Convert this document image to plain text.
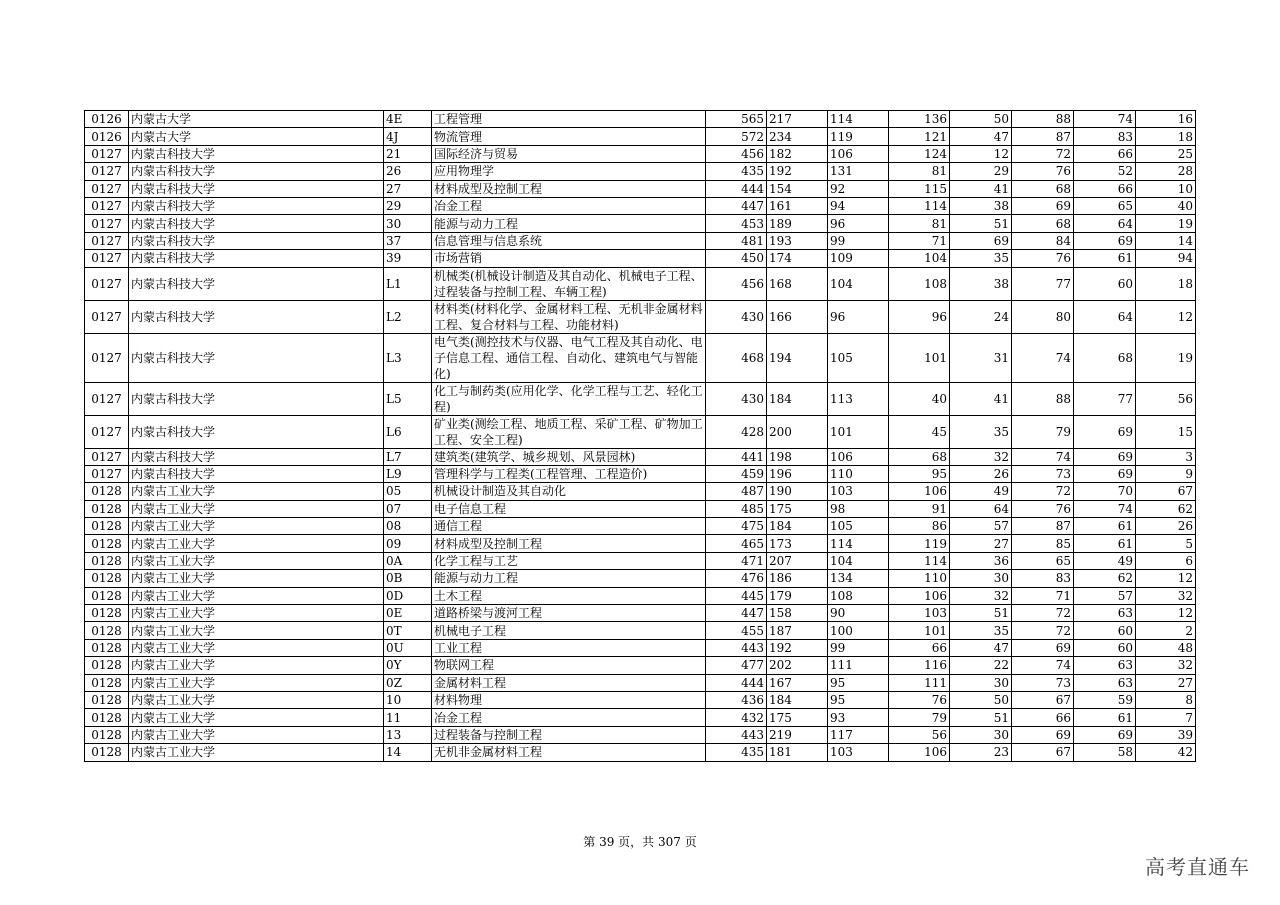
0126	内蒙古大学	4E	工程管理	565	217	114	136	50	88	74	16
0126	内蒙古大学	4J	物流管理	572	234	119	121	47	87	83	18
0127	内蒙古科技大学	21	国际经济与贸易	456	182	106	124	12	72	66	25
0127	内蒙古科技大学	26	应用物理学	435	192	131	81	29	76	52	28
0127	内蒙古科技大学	27	材料成型及控制工程	444	154	92	115	41	68	66	10
0127	内蒙古科技大学	29	冶金工程	447	161	94	114	38	69	65	40
0127	内蒙古科技大学	30	能源与动力工程	453	189	96	81	51	68	64	19
0127	内蒙古科技大学	37	信息管理与信息系统	481	193	99	71	69	84	69	14
0127	内蒙古科技大学	39	市场营销	450	174	109	104	35	76	61	94
0127	内蒙古科技大学	L1	机械类(机械设计制造及其自动化、机械电子工程、过程装备与控制工程、车辆工程)	456	168	104	108	38	77	60	18
0127	内蒙古科技大学	L2	材料类(材料化学、金属材料工程、无机非金属材料工程、复合材料与工程、功能材料)	430	166	96	96	24	80	64	12
0127	内蒙古科技大学	L3	电气类(测控技术与仪器、电气工程及其自动化、电子信息工程、通信工程、自动化、建筑电气与智能化)	468	194	105	101	31	74	68	19
0127	内蒙古科技大学	L5	化工与制药类(应用化学、化学工程与工艺、轻化工程)	430	184	113	40	41	88	77	56
0127	内蒙古科技大学	L6	矿业类(测绘工程、地质工程、采矿工程、矿物加工工程、安全工程)	428	200	101	45	35	79	69	15
0127	内蒙古科技大学	L7	建筑类(建筑学、城乡规划、风景园林)	441	198	106	68	32	74	69	3
0127	内蒙古科技大学	L9	管理科学与工程类(工程管理、工程造价)	459	196	110	95	26	73	69	9
0128	内蒙古工业大学	05	机械设计制造及其自动化	487	190	103	106	49	72	70	67
0128	内蒙古工业大学	07	电子信息工程	485	175	98	91	64	76	74	62
0128	内蒙古工业大学	08	通信工程	475	184	105	86	57	87	61	26
0128	内蒙古工业大学	09	材料成型及控制工程	465	173	114	119	27	85	61	5
0128	内蒙古工业大学	0A	化学工程与工艺	471	207	104	114	36	65	49	6
0128	内蒙古工业大学	0B	能源与动力工程	476	186	134	110	30	83	62	12
0128	内蒙古工业大学	0D	土木工程	445	179	108	106	32	71	57	32
0128	内蒙古工业大学	0E	道路桥梁与渡河工程	447	158	90	103	51	72	63	12
0128	内蒙古工业大学	0T	机械电子工程	455	187	100	101	35	72	60	2
0128	内蒙古工业大学	0U	工业工程	443	192	99	66	47	69	60	48
0128	内蒙古工业大学	0Y	物联网工程	477	202	111	116	22	74	63	32
0128	内蒙古工业大学	0Z	金属材料工程	444	167	95	111	30	73	63	27
0128	内蒙古工业大学	10	材料物理	436	184	95	76	50	67	59	8
0128	内蒙古工业大学	11	冶金工程	432	175	93	79	51	66	61	7
0128	内蒙古工业大学	13	过程装备与控制工程	443	219	117	56	30	69	69	39
0128	内蒙古工业大学	14	无机非金属材料工程	435	181	103	106	23	67	58	42
第 39 页，共 307 页
高考直通车
